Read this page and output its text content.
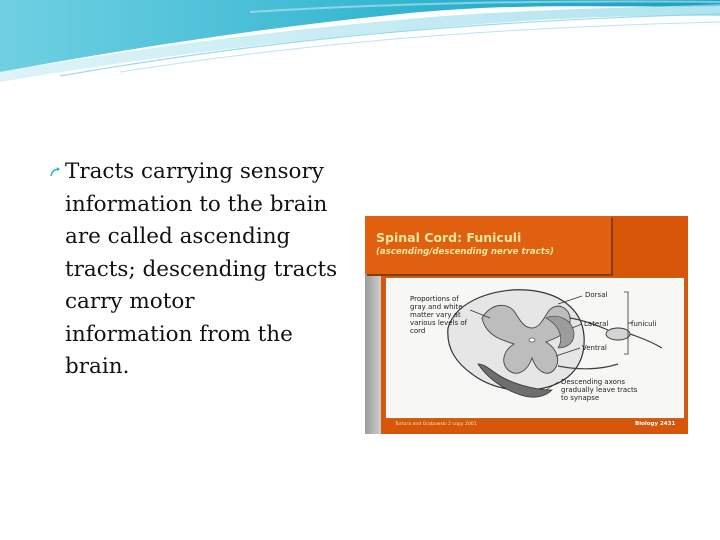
Tracts carrying sensory
information to the brain
are called ascending
tracts; descending tracts
carry motor
information from the
brain.
Spinal Cord: Funiculi
(ascending/descending nerve tracts)
Proportions of gray and white matter vary at various levels of cord
Dorsal
Lateral	funiculi
Ventral
Descending axons gradually leave tracts to synapse
Tortora and Grabowski 2 copy 2001	Biology 2431
